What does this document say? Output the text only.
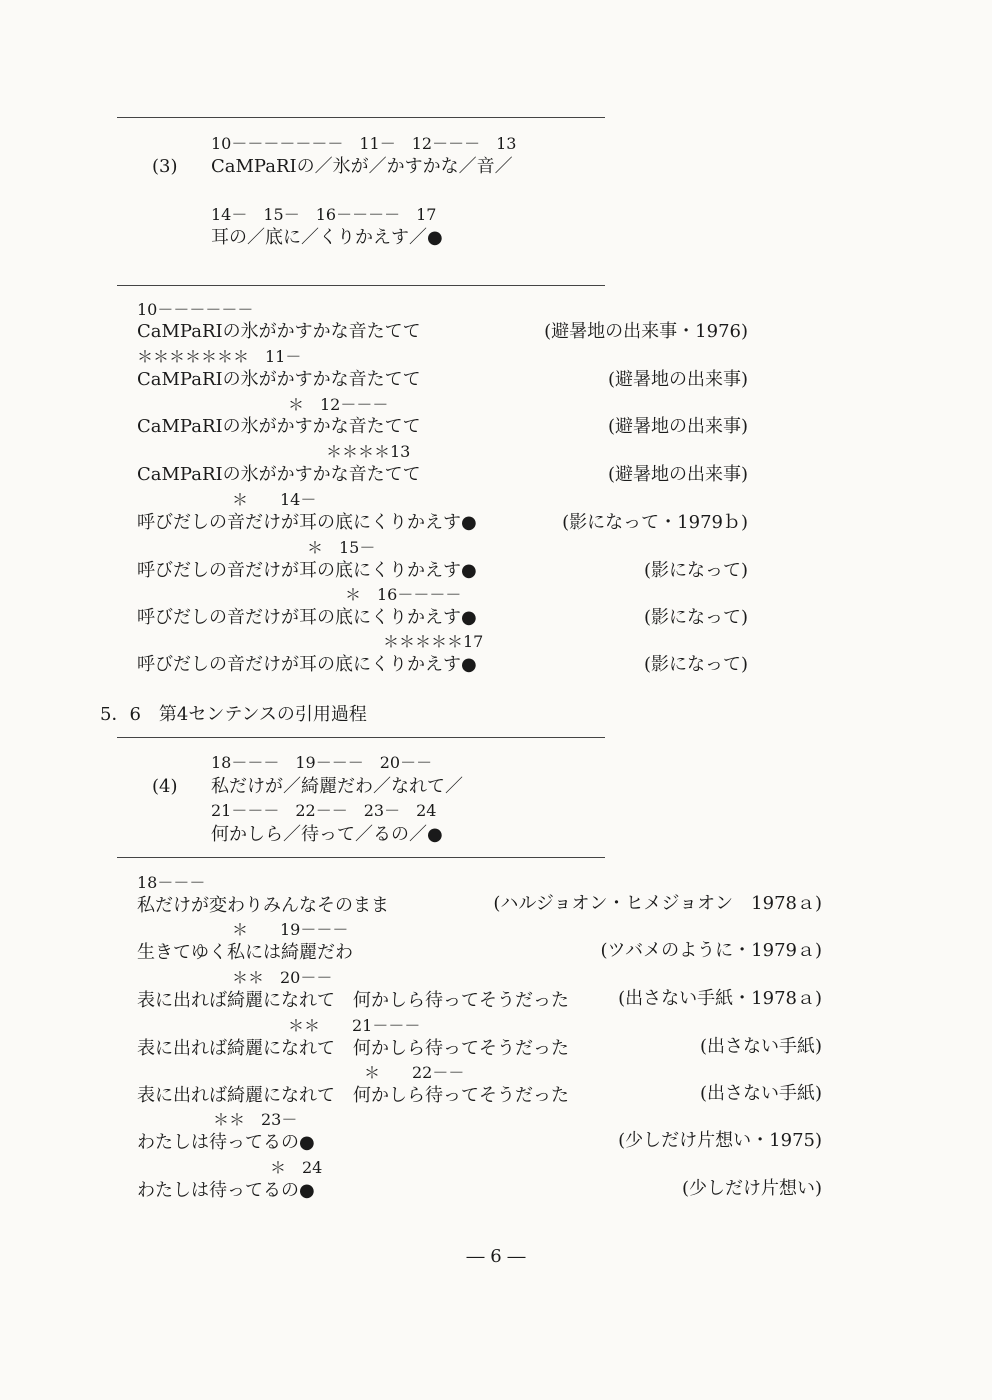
10－－－－－－－　11－　12－－－　13
(3) CaMPaRIの／氷が／かすかな／音／
14－　15－　16－－－－　17
耳の／底に／くりかえす／●
10－－－－－－
CaMPaRIの氷がかすかな音たてて	(避暑地の出来事・1976)
＊＊＊＊＊＊＊　11－
CaMPaRIの氷がかすかな音たてて	(避暑地の出来事)
＊　12－－－
CaMPaRIの氷がかすかな音たてて	(避暑地の出来事)
＊＊＊＊13
CaMPaRIの氷がかすかな音たてて	(避暑地の出来事)
＊　　14－
呼びだしの音だけが耳の底にくりかえす●	(影になって・1979ｂ)
＊　15－
呼びだしの音だけが耳の底にくりかえす●	(影になって)
＊　16－－－－
呼びだしの音だけが耳の底にくりかえす●	(影になって)
＊＊＊＊＊17
呼びだしの音だけが耳の底にくりかえす●	(影になって)
5．6　第4センテンスの引用過程
18－－－　19－－－　20－－
(4) 私だけが／綺麗だわ／なれて／
21－－－　22－－　23－　24
何かしら／待って／るの／●
18－－－
私だけが変わりみんなそのまま	(ハルジョオン・ヒメジョオン　1978ａ)
＊　　19－－－
生きてゆく私には綺麗だわ	(ツバメのように・1979ａ)
＊＊　20－－
表に出れば綺麗になれて　何かしら待ってそうだった	(出さない手紙・1978ａ)
＊＊　　21－－－
表に出れば綺麗になれて　何かしら待ってそうだった	(出さない手紙)
＊　　22－－
表に出れば綺麗になれて　何かしら待ってそうだった	(出さない手紙)
＊＊　23－
わたしは待ってるの●	(少しだけ片想い・1975)
＊　24
わたしは待ってるの●	(少しだけ片想い)
― 6 ―
